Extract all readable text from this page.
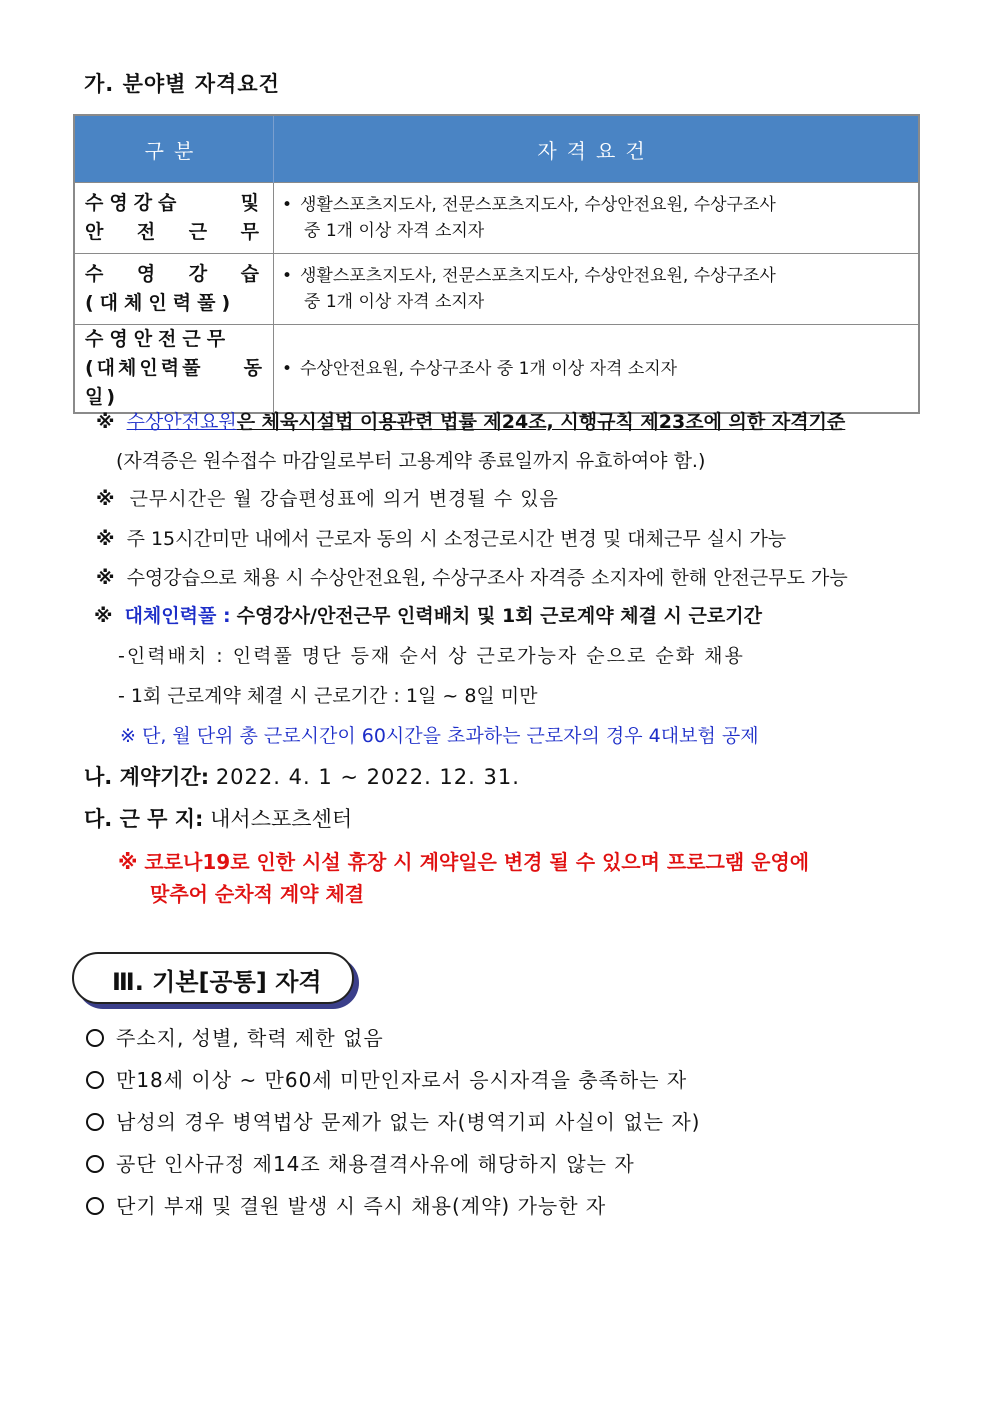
가. 분야별 자격요건
구분	자격요건

수영강습 및
안 전 근 무	• 생활스포츠지도사, 전문스포츠지도사, 수상안전요원, 수상구조사
중 1개 이상 자격 소지자

수 영 강 습
(대체인력풀)	• 생활스포츠지도사, 전문스포츠지도사, 수상안전요원, 수상구조사
중 1개 이상 자격 소지자

수영안전근무
(대체인력풀 동일)	• 수상안전요원, 수상구조사 중 1개 이상 자격 소지자
※ 수상안전요원은 체육시설법 이용관련 법률 제24조, 시행규칙 제23조에 의한 자격기준
(자격증은 원수접수 마감일로부터 고용계약 종료일까지 유효하여야 함.)
※ 근무시간은 월 강습편성표에 의거 변경될 수 있음
※ 주 15시간미만 내에서 근로자 동의 시 소정근로시간 변경 및 대체근무 실시 가능
※ 수영강습으로 채용 시 수상안전요원, 수상구조사 자격증 소지자에 한해 안전근무도 가능
※ 대체인력풀 : 수영강사/안전근무 인력배치 및 1회 근로계약 체결 시 근로기간
-인력배치 : 인력풀 명단 등재 순서 상 근로가능자 순으로 순화 채용
- 1회 근로계약 체결 시 근로기간 : 1일 ~ 8일 미만
※ 단, 월 단위 총 근로시간이 60시간을 초과하는 근로자의 경우 4대보험 공제
나. 계약기간: 2022. 4. 1 ~ 2022. 12. 31.
다. 근 무 지: 내서스포츠센터
※ 코로나19로 인한 시설 휴장 시 계약일은 변경 될 수 있으며 프로그램 운영에
맞추어 순차적 계약 체결
Ⅲ. 기본[공통] 자격
주소지, 성별, 학력 제한 없음
만18세 이상 ~ 만60세 미만인자로서 응시자격을 충족하는 자
남성의 경우 병역법상 문제가 없는 자(병역기피 사실이 없는 자)
공단 인사규정 제14조 채용결격사유에 해당하지 않는 자
단기 부재 및 결원 발생 시 즉시 채용(계약) 가능한 자
